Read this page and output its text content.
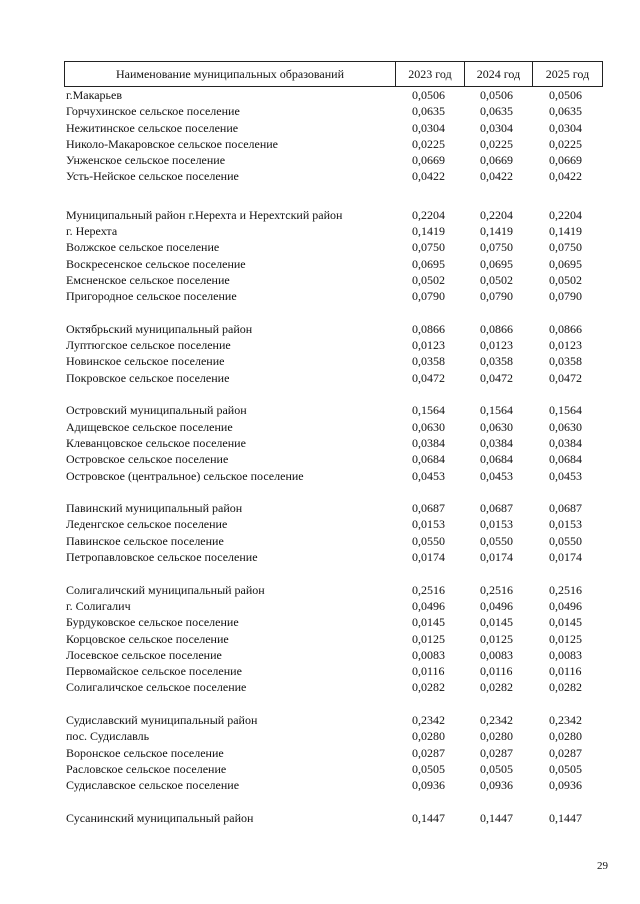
Наименование муниципальных образований	2023 год	2024 год	2025 год
г.Макарьев	0,0506	0,0506	0,0506
Горчухинское сельское поселение	0,0635	0,0635	0,0635
Нежитинское сельское поселение	0,0304	0,0304	0,0304
Николо-Макаровское сельское поселение	0,0225	0,0225	0,0225
Унженское сельское поселение	0,0669	0,0669	0,0669
Усть-Нейское сельское поселение	0,0422	0,0422	0,0422
Муниципальный район г.Нерехта и Нерехтский район	0,2204	0,2204	0,2204
г. Нерехта	0,1419	0,1419	0,1419
Волжское сельское поселение	0,0750	0,0750	0,0750
Воскресенское сельское поселение	0,0695	0,0695	0,0695
Емсненское сельское поселение	0,0502	0,0502	0,0502
Пригородное сельское поселение	0,0790	0,0790	0,0790
Октябрьский муниципальный район	0,0866	0,0866	0,0866
Луптюгское сельское поселение	0,0123	0,0123	0,0123
Новинское сельское поселение	0,0358	0,0358	0,0358
Покровское сельское поселение	0,0472	0,0472	0,0472
Островский муниципальный район	0,1564	0,1564	0,1564
Адищевское сельское поселение	0,0630	0,0630	0,0630
Клеванцовское сельское поселение	0,0384	0,0384	0,0384
Островское сельское поселение	0,0684	0,0684	0,0684
Островское (центральное) сельское поселение	0,0453	0,0453	0,0453
Павинский муниципальный район	0,0687	0,0687	0,0687
Леденгское сельское поселение	0,0153	0,0153	0,0153
Павинское сельское поселение	0,0550	0,0550	0,0550
Петропавловское сельское поселение	0,0174	0,0174	0,0174
Солигаличский муниципальный район	0,2516	0,2516	0,2516
г. Солигалич	0,0496	0,0496	0,0496
Бурдуковское сельское поселение	0,0145	0,0145	0,0145
Корцовское сельское поселение	0,0125	0,0125	0,0125
Лосевское сельское поселение	0,0083	0,0083	0,0083
Первомайское сельское поселение	0,0116	0,0116	0,0116
Солигаличское сельское поселение	0,0282	0,0282	0,0282
Судиславский муниципальный район	0,2342	0,2342	0,2342
пос. Судиславль	0,0280	0,0280	0,0280
Воронское сельское поселение	0,0287	0,0287	0,0287
Расловское сельское поселение	0,0505	0,0505	0,0505
Судиславское сельское поселение	0,0936	0,0936	0,0936
Сусанинский муниципальный район	0,1447	0,1447	0,1447
29
